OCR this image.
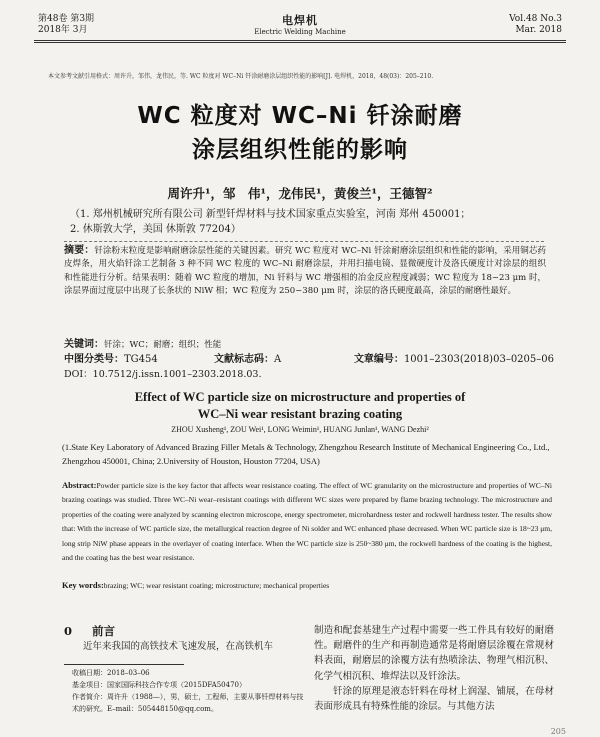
第48卷 第3期
2018年 3月
电焊机
Electric Welding Machine
Vol.48 No.3
Mar. 2018
本文参考文献引用格式：周许升，邹伟，龙伟民，等. WC 粒度对 WC–Ni 钎涂耐磨涂层组织性能的影响[J]. 电焊机，2018，48(03)：205–210.
WC 粒度对 WC–Ni 钎涂耐磨涂层组织性能的影响
周许升¹，邹　伟¹，龙伟民¹，黄俊兰¹，王德智²
（1. 郑州机械研究所有限公司 新型钎焊材料与技术国家重点实验室，河南 郑州 450001；
2. 休斯敦大学，美国 休斯敦 77204）
摘要：钎涂粉末粒度是影响耐磨涂层性能的关键因素。研究 WC 粒度对 WC–Ni 钎涂耐磨涂层组织和性能的影响，采用铜芯药皮焊条，用火焰钎涂工艺制备 3 种不同 WC 粒度的 WC–Ni 耐磨涂层，并用扫描电镜、显微硬度计及洛氏硬度计对涂层的组织和性能进行分析。结果表明：随着 WC 粒度的增加，Ni 钎料与 WC 增强相的冶金反应程度减弱；WC 粒度为 18~23 μm 时，涂层界面过度层中出现了长条状的 NiW 相；WC 粒度为 250~380 μm 时，涂层的洛氏硬度最高，涂层的耐磨性最好。
关键词：钎涂；WC；耐磨；组织；性能
中图分类号：TG454	文献标志码：A	文章编号：1001–2303(2018)03–0205–06
DOI：10.7512/j.issn.1001–2303.2018.03.
Effect of WC particle size on microstructure and properties of
WC–Ni wear resistant brazing coating
ZHOU Xusheng¹, ZOU Wei¹, LONG Weimin¹, HUANG Junlan¹, WANG Dezhi²
(1.State Key Laboratory of Advanced Brazing Filler Metals & Technology, Zhengzhou Research Institute of Mechanical Engineering Co., Ltd., Zhengzhou 450001, China; 2.University of Houston, Houston 77204, USA)
Abstract:Powder particle size is the key factor that affects wear resistance coating. The effect of WC granularity on the microstructure and properties of WC–Ni brazing coatings was studied. Three WC–Ni wear–resistant coatings with different WC sizes were prepared by flame brazing technology. The microstructure and properties of the coating were analyzed by scanning electron microscope, energy spectrometer, microhardness tester and rockwell hardness tester. The results show that: With the increase of WC particle size, the metallurgical reaction degree of Ni solder and WC enhanced phase decreased. When WC particle size is 18~23 μm, long strip NiW phase appears in the overlayer of coating interface. When the WC particle size is 250~380 μm, the rockwell hardness of the coating is the highest, and the coating has the best wear resistance.
Key words:brazing; WC; wear resistant coating; microstructure; mechanical properties
0 前言
近年来我国的高铁技术飞速发展，在高铁机车
收稿日期：2018–03–06
基金项目：国家国际科技合作专项（2015DFA50470）
作者简介：周许升（1988—），男，硕士，工程师，主要从事钎焊材料与技术的研究。E–mail：505448150@qq.com。

制造和配套基建生产过程中需要一些工件具有较好的耐磨性。耐磨件的生产和再制造通常是将耐磨层涂覆在常规材料表面，耐磨层的涂覆方法有热喷涂法、物理气相沉积、化学气相沉积、堆焊法以及钎涂法。

钎涂的原理是液态钎料在母材上润湿、铺展，在母材表面形成具有特殊性能的涂层。与其他方法

205
